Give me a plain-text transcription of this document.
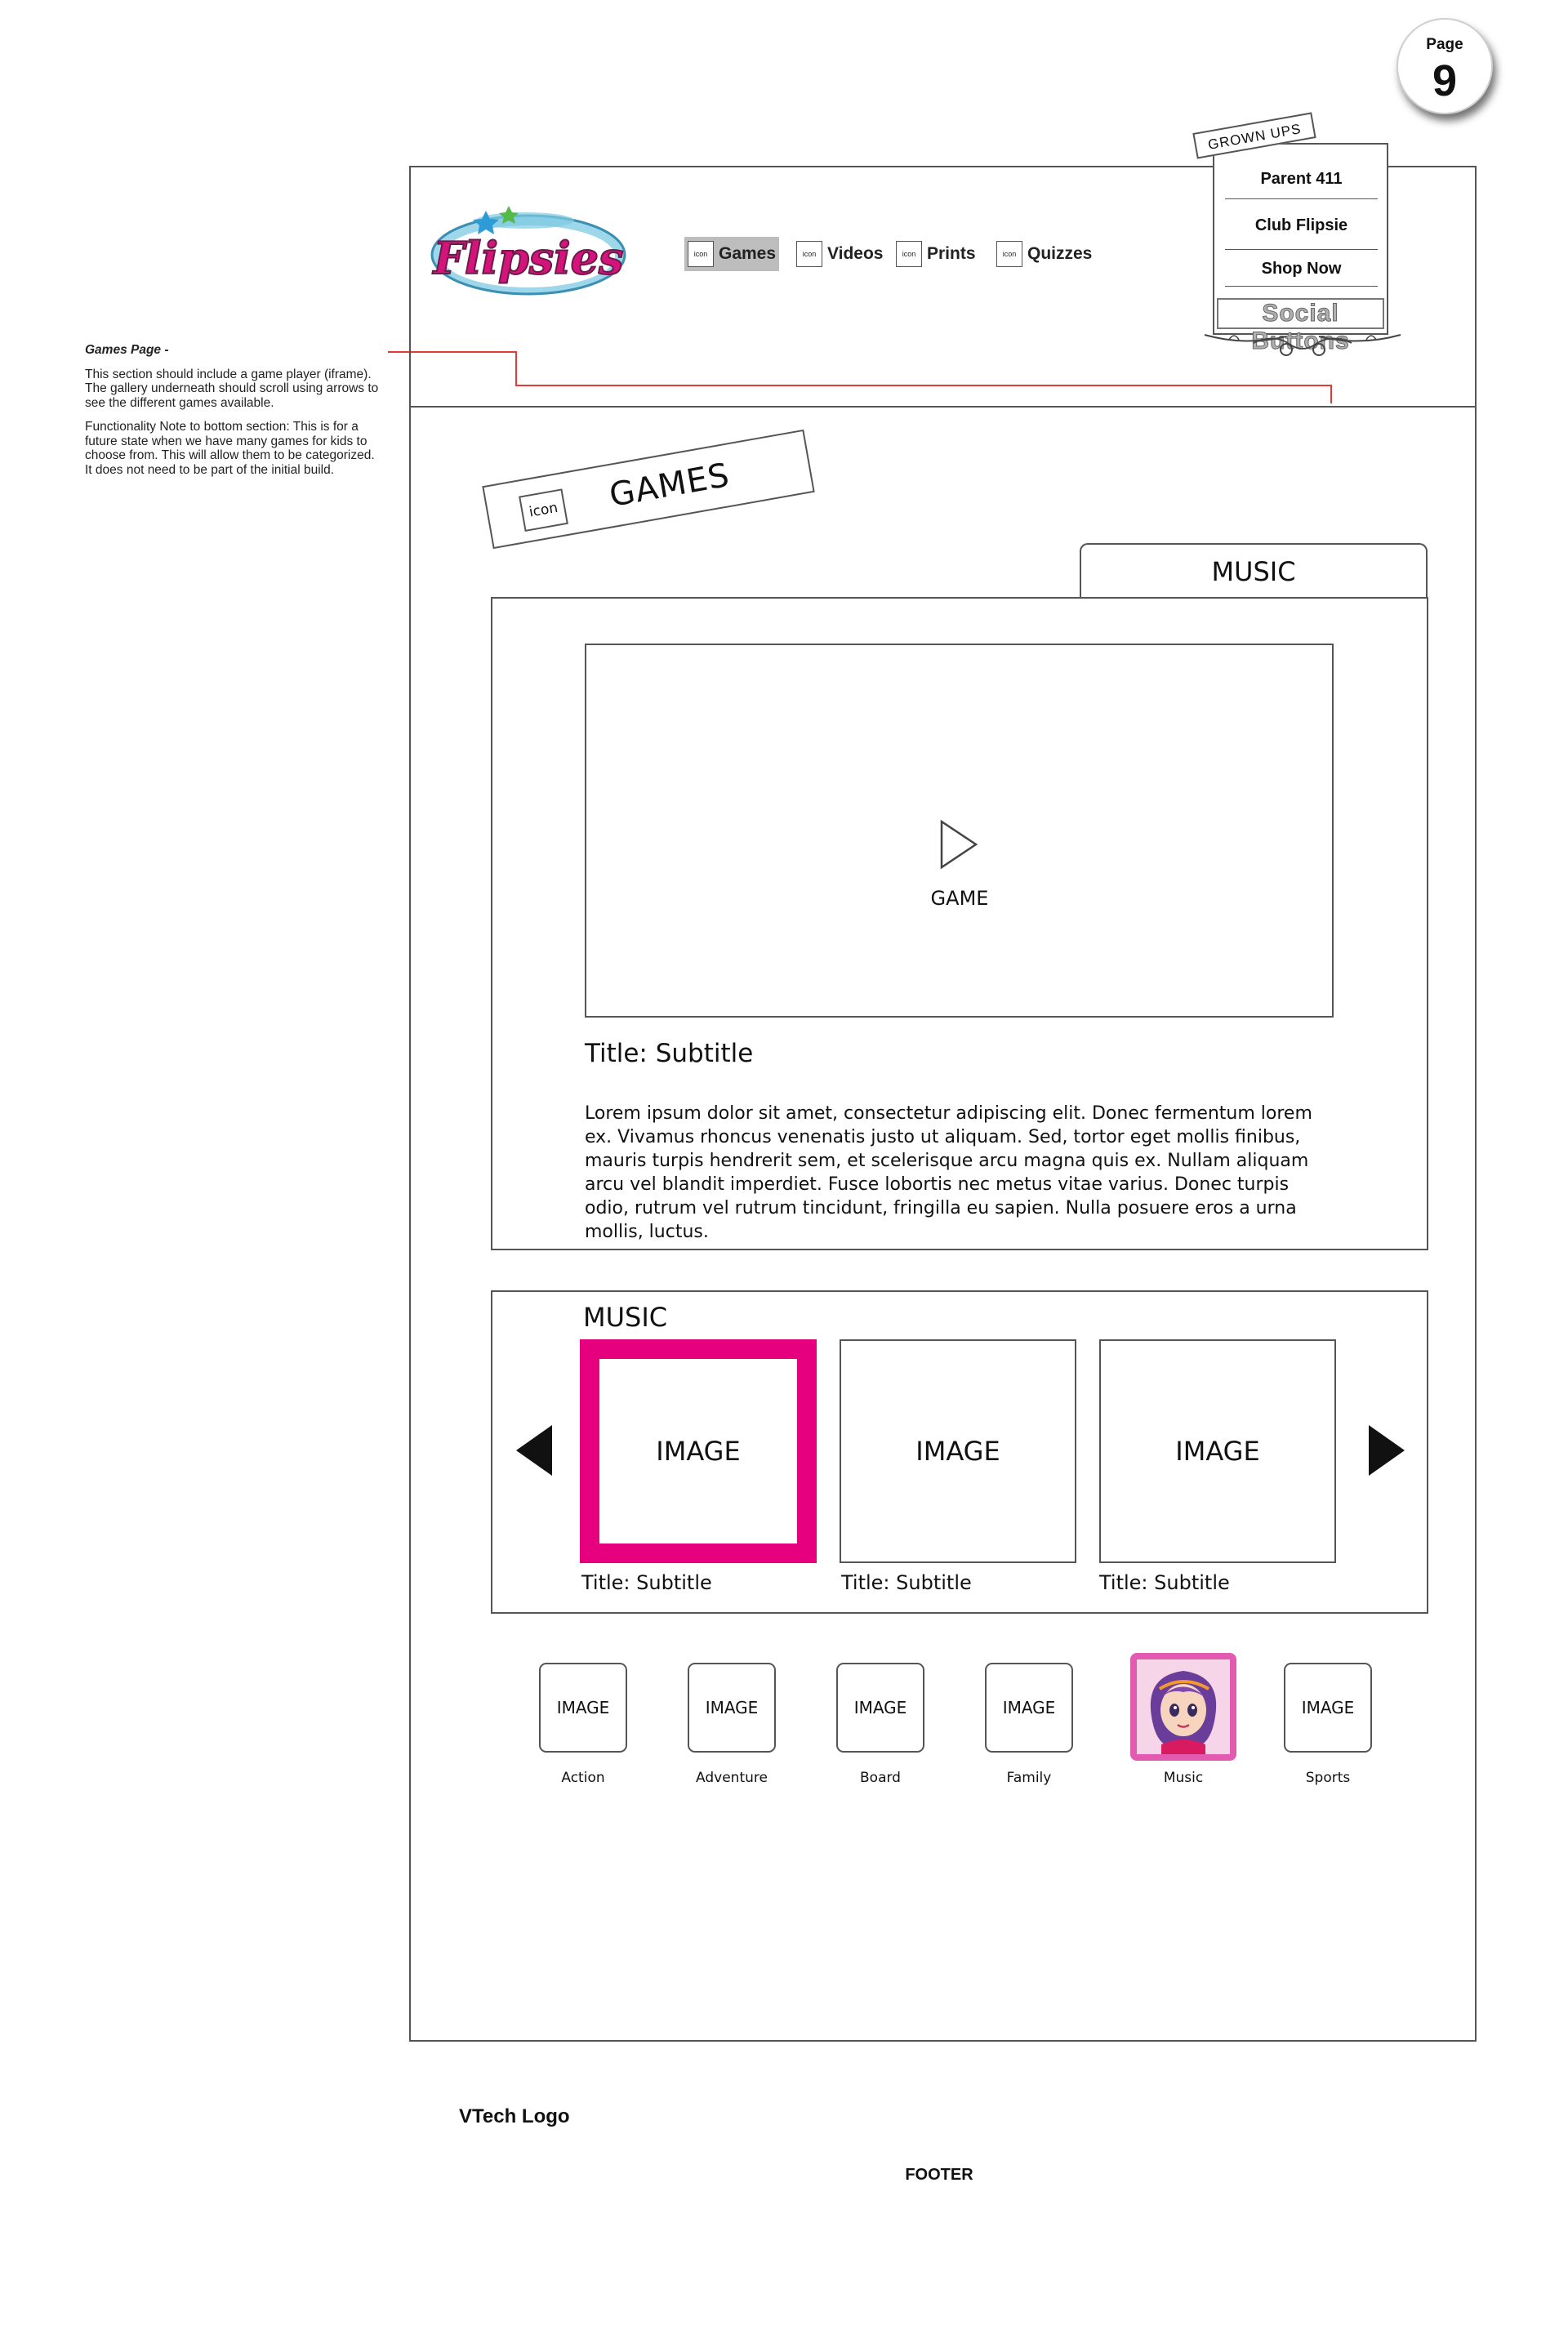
Page
9
Games Page -

This section should include a game player (iframe). The gallery underneath should scroll using arrows to see the different games available.

Functionality Note to bottom section: This is for a future state when we have many games for kids to choose from. This will allow them to be categorized. It does not need to be part of the initial build.

Flipsies	icon Games	icon Videos	icon Prints	icon Quizzes
GROWN UPS
Parent 411
Club Flipsie
Shop Now
Social Buttons
icon GAMES
MUSIC
GAME
Title: Subtitle
Lorem ipsum dolor sit amet, consectetur adipiscing elit. Donec fermentum lorem ex. Vivamus rhoncus venenatis justo ut aliquam. Sed, tortor eget mollis finibus, mauris turpis hendrerit sem, et scelerisque arcu magna quis ex. Nullam aliquam arcu vel blandit imperdiet. Fusce lobortis nec metus vitae varius. Donec turpis odio, rutrum vel rutrum tincidunt, fringilla eu sapien. Nulla posuere eros a urna mollis, luctus.
MUSIC
IMAGE	IMAGE	IMAGE
Title: Subtitle	Title: Subtitle	Title: Subtitle
IMAGE	IMAGE	IMAGE	IMAGE	IMAGE
Action	Adventure	Board	Family	Music	Sports
VTech Logo
FOOTER
